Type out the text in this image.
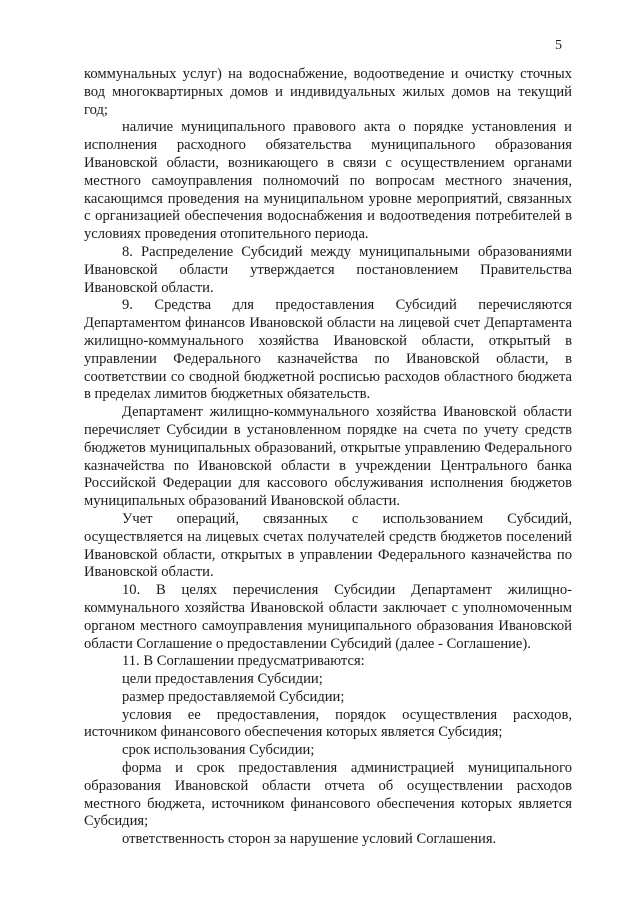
5

коммунальных услуг) на водоснабжение, водоотведение и очистку сточных вод многоквартирных домов и индивидуальных жилых домов на текущий год;

наличие муниципального правового акта о порядке установления и исполнения расходного обязательства муниципального образования Ивановской области, возникающего в связи с осуществлением органами местного самоуправления полномочий по вопросам местного значения, касающимся проведения на муниципальном уровне мероприятий, связанных с организацией обеспечения водоснабжения и водоотведения потребителей в условиях проведения отопительного периода.

8. Распределение Субсидий между муниципальными образованиями Ивановской области утверждается постановлением Правительства Ивановской области.

9. Средства для предоставления Субсидий перечисляются Департаментом финансов Ивановской области на лицевой счет Департамента жилищно-коммунального хозяйства Ивановской области, открытый в управлении Федерального казначейства по Ивановской области, в соответствии со сводной бюджетной росписью расходов областного бюджета в пределах лимитов бюджетных обязательств.

Департамент жилищно-коммунального хозяйства Ивановской области перечисляет Субсидии в установленном порядке на счета по учету средств бюджетов муниципальных образований, открытые управлению Федерального казначейства по Ивановской области в учреждении Центрального банка Российской Федерации для кассового обслуживания исполнения бюджетов муниципальных образований Ивановской области.

Учет операций, связанных с использованием Субсидий, осуществляется на лицевых счетах получателей средств бюджетов поселений Ивановской области, открытых в управлении Федерального казначейства по Ивановской области.

10. В целях перечисления Субсидии Департамент жилищно-коммунального хозяйства Ивановской области заключает с уполномоченным органом местного самоуправления муниципального образования Ивановской области Соглашение о предоставлении Субсидий (далее - Соглашение).

11. В Соглашении предусматриваются:

цели предоставления Субсидии;

размер предоставляемой Субсидии;

условия ее предоставления, порядок осуществления расходов, источником финансового обеспечения которых является Субсидия;

срок использования Субсидии;

форма и срок предоставления администрацией муниципального образования Ивановской области отчета об осуществлении расходов местного бюджета, источником финансового обеспечения которых является Субсидия;

ответственность сторон за нарушение условий Соглашения.
